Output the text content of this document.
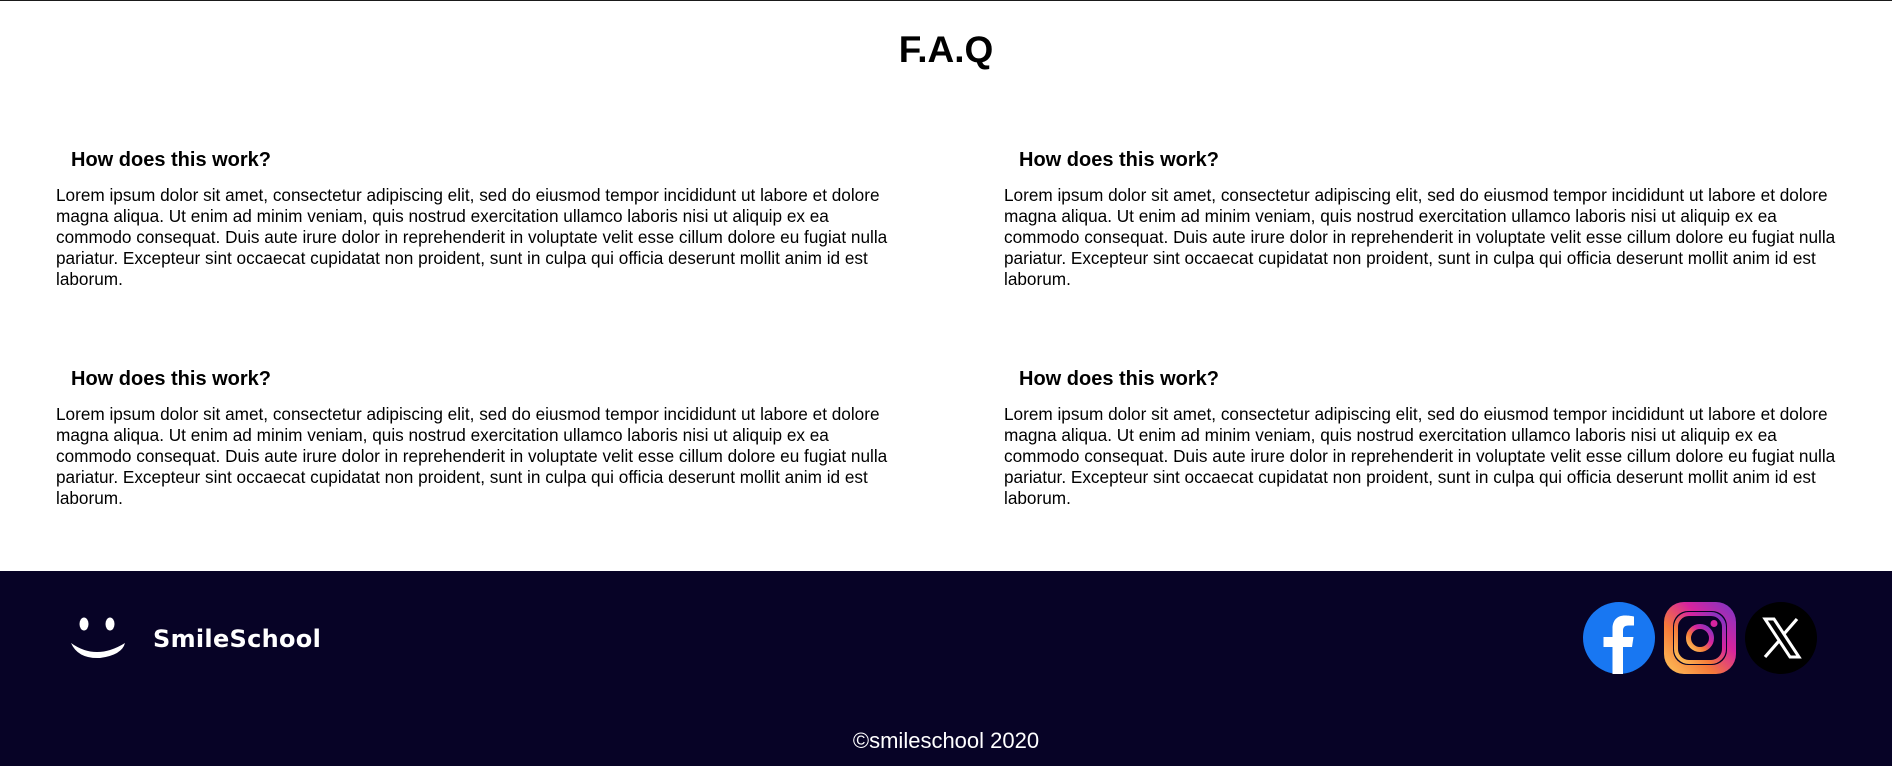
F.A.Q
How does this work?

Lorem ipsum dolor sit amet, consectetur adipiscing elit, sed do eiusmod tempor incididunt ut labore et dolore magna aliqua. Ut enim ad minim veniam, quis nostrud exercitation ullamco laboris nisi ut aliquip ex ea commodo consequat. Duis aute irure dolor in reprehenderit in voluptate velit esse cillum dolore eu fugiat nulla pariatur. Excepteur sint occaecat cupidatat non proident, sunt in culpa qui officia deserunt mollit anim id est laborum.

How does this work?

Lorem ipsum dolor sit amet, consectetur adipiscing elit, sed do eiusmod tempor incididunt ut labore et dolore magna aliqua. Ut enim ad minim veniam, quis nostrud exercitation ullamco laboris nisi ut aliquip ex ea commodo consequat. Duis aute irure dolor in reprehenderit in voluptate velit esse cillum dolore eu fugiat nulla pariatur. Excepteur sint occaecat cupidatat non proident, sunt in culpa qui officia deserunt mollit anim id est laborum.

How does this work?

Lorem ipsum dolor sit amet, consectetur adipiscing elit, sed do eiusmod tempor incididunt ut labore et dolore magna aliqua. Ut enim ad minim veniam, quis nostrud exercitation ullamco laboris nisi ut aliquip ex ea commodo consequat. Duis aute irure dolor in reprehenderit in voluptate velit esse cillum dolore eu fugiat nulla pariatur. Excepteur sint occaecat cupidatat non proident, sunt in culpa qui officia deserunt mollit anim id est laborum.

How does this work?

Lorem ipsum dolor sit amet, consectetur adipiscing elit, sed do eiusmod tempor incididunt ut labore et dolore magna aliqua. Ut enim ad minim veniam, quis nostrud exercitation ullamco laboris nisi ut aliquip ex ea commodo consequat. Duis aute irure dolor in reprehenderit in voluptate velit esse cillum dolore eu fugiat nulla pariatur. Excepteur sint occaecat cupidatat non proident, sunt in culpa qui officia deserunt mollit anim id est laborum.

SmileSchool
©smileschool 2020
